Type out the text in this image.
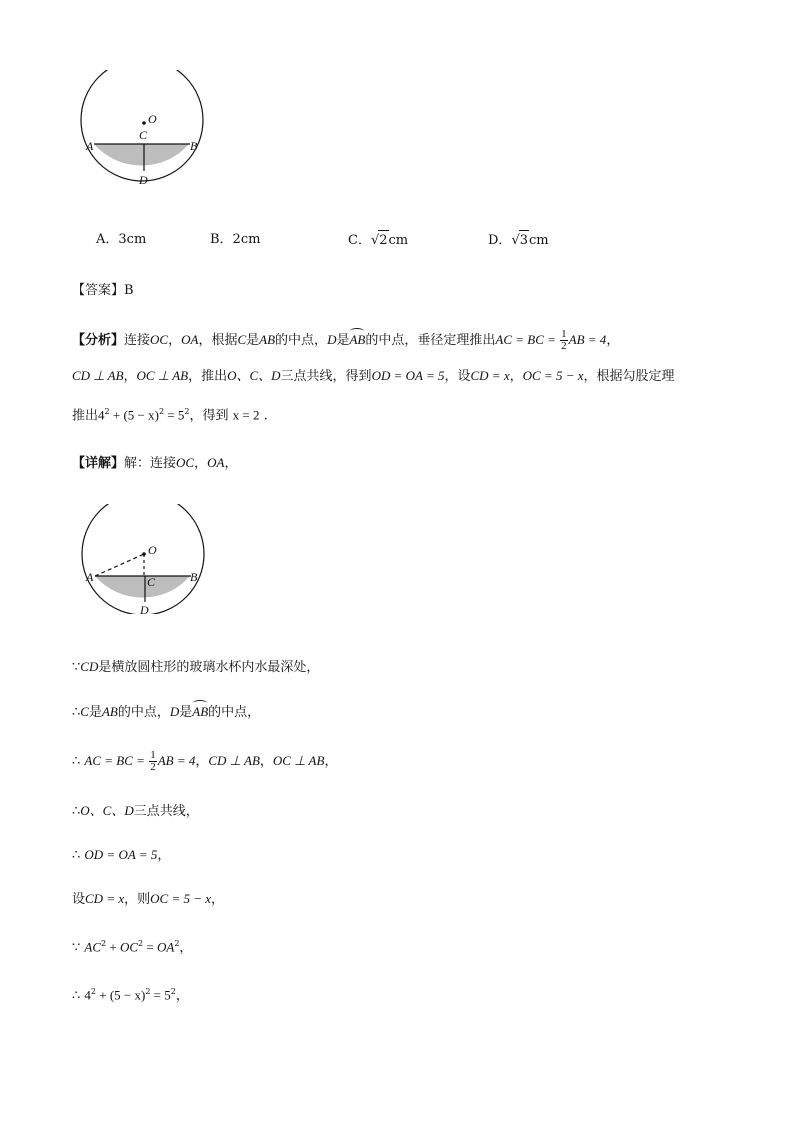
O
C
A	B
D
A．3cm	B．2cm	C．√2cm	D．√3cm
【答案】B
【分析】连接OC，OA，根据C是AB的中点，D是AB的中点，垂径定理推出AC = BC = $\frac{1}{2}$ AB = 4，
CD ⊥ AB，OC ⊥ AB，推出O、C、D三点共线，得到OD = OA = 5，设CD = x，OC = 5 − x，根据勾股定理
推出$4^2 + (5 - x)^2 = 5^2$，得到 x = 2 .
【详解】解：连接OC，OA，
O
C
A	B
D
∵CD是横放圆柱形的玻璃水杯内水最深处，
∴C是AB的中点，D是AB的中点，
∴ AC = BC = $\frac{1}{2}$ AB = 4，CD ⊥ AB，OC ⊥ AB，
∴O、C、D三点共线，
∴ OD = OA = 5，
设CD = x，则OC = 5 − x，
∵ $AC^2 + OC^2 = OA^2$，
∴ $4^2 + (5 - x)^2 = 5^2$，
